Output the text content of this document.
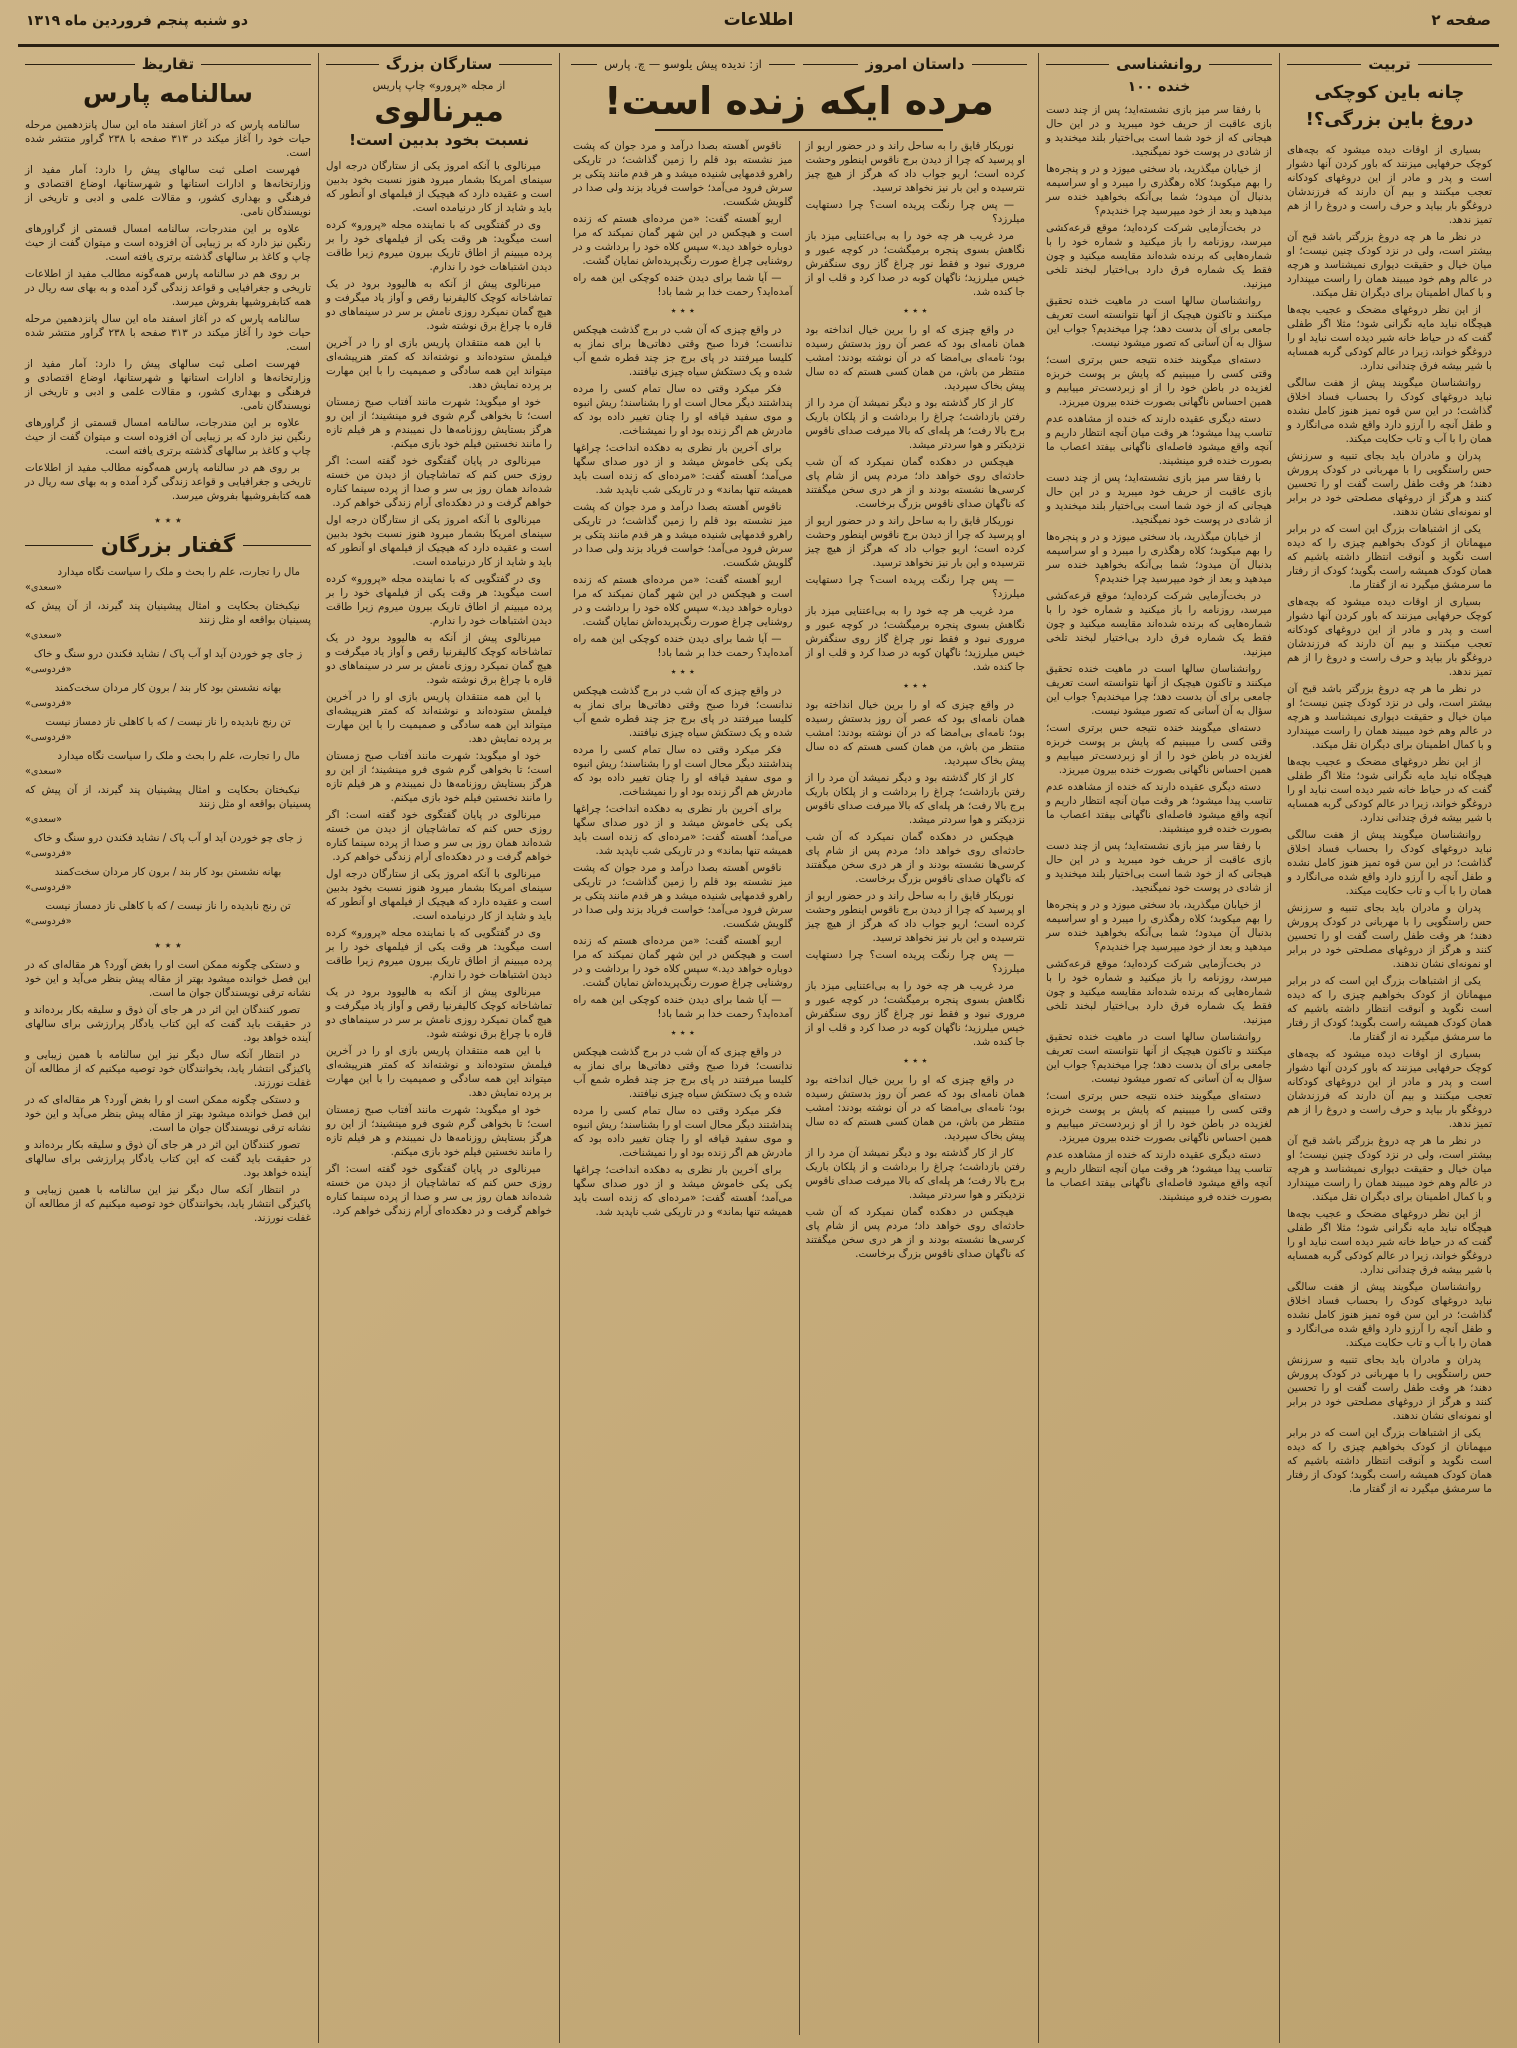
صفحه ۲
اطلاعات
دو شنبه پنجم فروردین ماه ۱۳۱۹
تربیت
چانه باین کوچکی
دروغ باین بزرگی؟!

بسیاری از اوقات دیده میشود که بچه‌های کوچک حرفهایی میزنند که باور کردن آنها دشوار است و پدر و مادر از این دروغهای کودکانه تعجب میکنند و بیم آن دارند که فرزندشان دروغگو بار بیاید و حرف راست و دروغ را از هم تمیز ندهد.

در نظر ما هر چه دروغ بزرگتر باشد قبح آن بیشتر است، ولی در نزد کودک چنین نیست؛ او میان خیال و حقیقت دیواری نمیشناسد و هرچه در عالم وهم خود میبیند همان را راست میپندارد و با کمال اطمینان برای دیگران نقل میکند.

از این نظر دروغهای مضحک و عجیب بچه‌ها هیچگاه نباید مایه نگرانی شود؛ مثلا اگر طفلی گفت که در حیاط خانه شیر دیده است نباید او را دروغگو خواند، زیرا در عالم کودکی گربه همسایه با شیر بیشه فرق چندانی ندارد.

روانشناسان میگویند پیش از هفت سالگی نباید دروغهای کودک را بحساب فساد اخلاق گذاشت؛ در این سن قوه تمیز هنوز کامل نشده و طفل آنچه را آرزو دارد واقع شده می‌انگارد و همان را با آب و تاب حکایت میکند.

پدران و مادران باید بجای تنبیه و سرزنش حس راستگویی را با مهربانی در کودک پرورش دهند؛ هر وقت طفل راست گفت او را تحسین کنند و هرگز از دروغهای مصلحتی خود در برابر او نمونه‌ای نشان ندهند.

یکی از اشتباهات بزرگ این است که در برابر میهمانان از کودک بخواهیم چیزی را که دیده است نگوید و آنوقت انتظار داشته باشیم که همان کودک همیشه راست بگوید؛ کودک از رفتار ما سرمشق میگیرد نه از گفتار ما.

بسیاری از اوقات دیده میشود که بچه‌های کوچک حرفهایی میزنند که باور کردن آنها دشوار است و پدر و مادر از این دروغهای کودکانه تعجب میکنند و بیم آن دارند که فرزندشان دروغگو بار بیاید و حرف راست و دروغ را از هم تمیز ندهد.

در نظر ما هر چه دروغ بزرگتر باشد قبح آن بیشتر است، ولی در نزد کودک چنین نیست؛ او میان خیال و حقیقت دیواری نمیشناسد و هرچه در عالم وهم خود میبیند همان را راست میپندارد و با کمال اطمینان برای دیگران نقل میکند.

از این نظر دروغهای مضحک و عجیب بچه‌ها هیچگاه نباید مایه نگرانی شود؛ مثلا اگر طفلی گفت که در حیاط خانه شیر دیده است نباید او را دروغگو خواند، زیرا در عالم کودکی گربه همسایه با شیر بیشه فرق چندانی ندارد.

روانشناسان میگویند پیش از هفت سالگی نباید دروغهای کودک را بحساب فساد اخلاق گذاشت؛ در این سن قوه تمیز هنوز کامل نشده و طفل آنچه را آرزو دارد واقع شده می‌انگارد و همان را با آب و تاب حکایت میکند.

پدران و مادران باید بجای تنبیه و سرزنش حس راستگویی را با مهربانی در کودک پرورش دهند؛ هر وقت طفل راست گفت او را تحسین کنند و هرگز از دروغهای مصلحتی خود در برابر او نمونه‌ای نشان ندهند.

یکی از اشتباهات بزرگ این است که در برابر میهمانان از کودک بخواهیم چیزی را که دیده است نگوید و آنوقت انتظار داشته باشیم که همان کودک همیشه راست بگوید؛ کودک از رفتار ما سرمشق میگیرد نه از گفتار ما.

بسیاری از اوقات دیده میشود که بچه‌های کوچک حرفهایی میزنند که باور کردن آنها دشوار است و پدر و مادر از این دروغهای کودکانه تعجب میکنند و بیم آن دارند که فرزندشان دروغگو بار بیاید و حرف راست و دروغ را از هم تمیز ندهد.

در نظر ما هر چه دروغ بزرگتر باشد قبح آن بیشتر است، ولی در نزد کودک چنین نیست؛ او میان خیال و حقیقت دیواری نمیشناسد و هرچه در عالم وهم خود میبیند همان را راست میپندارد و با کمال اطمینان برای دیگران نقل میکند.

از این نظر دروغهای مضحک و عجیب بچه‌ها هیچگاه نباید مایه نگرانی شود؛ مثلا اگر طفلی گفت که در حیاط خانه شیر دیده است نباید او را دروغگو خواند، زیرا در عالم کودکی گربه همسایه با شیر بیشه فرق چندانی ندارد.

روانشناسان میگویند پیش از هفت سالگی نباید دروغهای کودک را بحساب فساد اخلاق گذاشت؛ در این سن قوه تمیز هنوز کامل نشده و طفل آنچه را آرزو دارد واقع شده می‌انگارد و همان را با آب و تاب حکایت میکند.

پدران و مادران باید بجای تنبیه و سرزنش حس راستگویی را با مهربانی در کودک پرورش دهند؛ هر وقت طفل راست گفت او را تحسین کنند و هرگز از دروغهای مصلحتی خود در برابر او نمونه‌ای نشان ندهند.

یکی از اشتباهات بزرگ این است که در برابر میهمانان از کودک بخواهیم چیزی را که دیده است نگوید و آنوقت انتظار داشته باشیم که همان کودک همیشه راست بگوید؛ کودک از رفتار ما سرمشق میگیرد نه از گفتار ما.

روانشناسی
خنده ۱۰۰

با رفقا سر میز بازی نشسته‌اید؛ پس از چند دست بازی عاقبت از حریف خود میبرید و در این حال هیجانی که از خود شما است بی‌اختیار بلند میخندید و از شادی در پوست خود نمیگنجید.

از خیابان میگذرید، باد سختی میوزد و در و پنجره‌ها را بهم میکوبد؛ کلاه رهگذری را میبرد و او سراسیمه بدنبال آن میدود؛ شما بی‌آنکه بخواهید خنده سر میدهید و بعد از خود میپرسید چرا خندیدم؟

در بخت‌آزمایی شرکت کرده‌اید؛ موقع قرعه‌کشی میرسد، روزنامه را باز میکنید و شماره خود را با شماره‌هایی که برنده شده‌اند مقایسه میکنید و چون فقط یک شماره فرق دارد بی‌اختیار لبخند تلخی میزنید.

روانشناسان سالها است در ماهیت خنده تحقیق میکنند و تاکنون هیچیک از آنها نتوانسته است تعریف جامعی برای آن بدست دهد؛ چرا میخندیم؟ جواب این سؤال به آن آسانی که تصور میشود نیست.

دسته‌ای میگویند خنده نتیجه حس برتری است؛ وقتی کسی را میبینیم که پایش بر پوست خربزه لغزیده در باطن خود را از او زبردست‌تر مییابیم و همین احساس ناگهانی بصورت خنده بیرون میریزد.

دسته دیگری عقیده دارند که خنده از مشاهده عدم تناسب پیدا میشود؛ هر وقت میان آنچه انتظار داریم و آنچه واقع میشود فاصله‌ای ناگهانی بیفتد اعصاب ما بصورت خنده فرو مینشیند.

با رفقا سر میز بازی نشسته‌اید؛ پس از چند دست بازی عاقبت از حریف خود میبرید و در این حال هیجانی که از خود شما است بی‌اختیار بلند میخندید و از شادی در پوست خود نمیگنجید.

از خیابان میگذرید، باد سختی میوزد و در و پنجره‌ها را بهم میکوبد؛ کلاه رهگذری را میبرد و او سراسیمه بدنبال آن میدود؛ شما بی‌آنکه بخواهید خنده سر میدهید و بعد از خود میپرسید چرا خندیدم؟

در بخت‌آزمایی شرکت کرده‌اید؛ موقع قرعه‌کشی میرسد، روزنامه را باز میکنید و شماره خود را با شماره‌هایی که برنده شده‌اند مقایسه میکنید و چون فقط یک شماره فرق دارد بی‌اختیار لبخند تلخی میزنید.

روانشناسان سالها است در ماهیت خنده تحقیق میکنند و تاکنون هیچیک از آنها نتوانسته است تعریف جامعی برای آن بدست دهد؛ چرا میخندیم؟ جواب این سؤال به آن آسانی که تصور میشود نیست.

دسته‌ای میگویند خنده نتیجه حس برتری است؛ وقتی کسی را میبینیم که پایش بر پوست خربزه لغزیده در باطن خود را از او زبردست‌تر مییابیم و همین احساس ناگهانی بصورت خنده بیرون میریزد.

دسته دیگری عقیده دارند که خنده از مشاهده عدم تناسب پیدا میشود؛ هر وقت میان آنچه انتظار داریم و آنچه واقع میشود فاصله‌ای ناگهانی بیفتد اعصاب ما بصورت خنده فرو مینشیند.

با رفقا سر میز بازی نشسته‌اید؛ پس از چند دست بازی عاقبت از حریف خود میبرید و در این حال هیجانی که از خود شما است بی‌اختیار بلند میخندید و از شادی در پوست خود نمیگنجید.

از خیابان میگذرید، باد سختی میوزد و در و پنجره‌ها را بهم میکوبد؛ کلاه رهگذری را میبرد و او سراسیمه بدنبال آن میدود؛ شما بی‌آنکه بخواهید خنده سر میدهید و بعد از خود میپرسید چرا خندیدم؟

در بخت‌آزمایی شرکت کرده‌اید؛ موقع قرعه‌کشی میرسد، روزنامه را باز میکنید و شماره خود را با شماره‌هایی که برنده شده‌اند مقایسه میکنید و چون فقط یک شماره فرق دارد بی‌اختیار لبخند تلخی میزنید.

روانشناسان سالها است در ماهیت خنده تحقیق میکنند و تاکنون هیچیک از آنها نتوانسته است تعریف جامعی برای آن بدست دهد؛ چرا میخندیم؟ جواب این سؤال به آن آسانی که تصور میشود نیست.

دسته‌ای میگویند خنده نتیجه حس برتری است؛ وقتی کسی را میبینیم که پایش بر پوست خربزه لغزیده در باطن خود را از او زبردست‌تر مییابیم و همین احساس ناگهانی بصورت خنده بیرون میریزد.

دسته دیگری عقیده دارند که خنده از مشاهده عدم تناسب پیدا میشود؛ هر وقت میان آنچه انتظار داریم و آنچه واقع میشود فاصله‌ای ناگهانی بیفتد اعصاب ما بصورت خنده فرو مینشیند.

داستان امروز
از: ندیده پیش یلوسو — چ. پارس
مرده ایکه زنده است!

نوریکار قایق را به ساحل راند و در حضور اریو از او پرسید که چرا از دیدن برج ناقوس اینطور وحشت کرده است؛ اریو جواب داد که هرگز از هیچ چیز نترسیده و این بار نیز نخواهد ترسید.

— پس چرا رنگت پریده است؟ چرا دستهایت میلرزد؟

مرد غریب هر چه خود را به بی‌اعتنایی میزد باز نگاهش بسوی پنجره برمیگشت؛ در کوچه عبور و مروری نبود و فقط نور چراغ گاز روی سنگفرش خیس میلرزید؛ ناگهان کوبه در صدا کرد و قلب او از جا کنده شد.

٭ ٭ ٭

در واقع چیزی که او را برین خیال انداخته بود همان نامه‌ای بود که عصر آن روز بدستش رسیده بود؛ نامه‌ای بی‌امضا که در آن نوشته بودند: امشب منتظر من باش، من همان کسی هستم که ده سال پیش بخاک سپردید.

کار از کار گذشته بود و دیگر نمیشد آن مرد را از رفتن بازداشت؛ چراغ را برداشت و از پلکان باریک برج بالا رفت؛ هر پله‌ای که بالا میرفت صدای ناقوس نزدیکتر و هوا سردتر میشد.

هیچکس در دهکده گمان نمیکرد که آن شب حادثه‌ای روی خواهد داد؛ مردم پس از شام پای کرسی‌ها نشسته بودند و از هر دری سخن میگفتند که ناگهان صدای ناقوس بزرگ برخاست.

نوریکار قایق را به ساحل راند و در حضور اریو از او پرسید که چرا از دیدن برج ناقوس اینطور وحشت کرده است؛ اریو جواب داد که هرگز از هیچ چیز نترسیده و این بار نیز نخواهد ترسید.

— پس چرا رنگت پریده است؟ چرا دستهایت میلرزد؟

مرد غریب هر چه خود را به بی‌اعتنایی میزد باز نگاهش بسوی پنجره برمیگشت؛ در کوچه عبور و مروری نبود و فقط نور چراغ گاز روی سنگفرش خیس میلرزید؛ ناگهان کوبه در صدا کرد و قلب او از جا کنده شد.

٭ ٭ ٭

در واقع چیزی که او را برین خیال انداخته بود همان نامه‌ای بود که عصر آن روز بدستش رسیده بود؛ نامه‌ای بی‌امضا که در آن نوشته بودند: امشب منتظر من باش، من همان کسی هستم که ده سال پیش بخاک سپردید.

کار از کار گذشته بود و دیگر نمیشد آن مرد را از رفتن بازداشت؛ چراغ را برداشت و از پلکان باریک برج بالا رفت؛ هر پله‌ای که بالا میرفت صدای ناقوس نزدیکتر و هوا سردتر میشد.

هیچکس در دهکده گمان نمیکرد که آن شب حادثه‌ای روی خواهد داد؛ مردم پس از شام پای کرسی‌ها نشسته بودند و از هر دری سخن میگفتند که ناگهان صدای ناقوس بزرگ برخاست.

نوریکار قایق را به ساحل راند و در حضور اریو از او پرسید که چرا از دیدن برج ناقوس اینطور وحشت کرده است؛ اریو جواب داد که هرگز از هیچ چیز نترسیده و این بار نیز نخواهد ترسید.

— پس چرا رنگت پریده است؟ چرا دستهایت میلرزد؟

مرد غریب هر چه خود را به بی‌اعتنایی میزد باز نگاهش بسوی پنجره برمیگشت؛ در کوچه عبور و مروری نبود و فقط نور چراغ گاز روی سنگفرش خیس میلرزید؛ ناگهان کوبه در صدا کرد و قلب او از جا کنده شد.

٭ ٭ ٭

در واقع چیزی که او را برین خیال انداخته بود همان نامه‌ای بود که عصر آن روز بدستش رسیده بود؛ نامه‌ای بی‌امضا که در آن نوشته بودند: امشب منتظر من باش، من همان کسی هستم که ده سال پیش بخاک سپردید.

کار از کار گذشته بود و دیگر نمیشد آن مرد را از رفتن بازداشت؛ چراغ را برداشت و از پلکان باریک برج بالا رفت؛ هر پله‌ای که بالا میرفت صدای ناقوس نزدیکتر و هوا سردتر میشد.

هیچکس در دهکده گمان نمیکرد که آن شب حادثه‌ای روی خواهد داد؛ مردم پس از شام پای کرسی‌ها نشسته بودند و از هر دری سخن میگفتند که ناگهان صدای ناقوس بزرگ برخاست.

ناقوس آهسته بصدا درآمد و مرد جوان که پشت میز نشسته بود قلم را زمین گذاشت؛ در تاریکی راهرو قدمهایی شنیده میشد و هر قدم مانند پتکی بر سرش فرود می‌آمد؛ خواست فریاد بزند ولی صدا در گلویش شکست.

اریو آهسته گفت: «من مرده‌ای هستم که زنده است و هیچکس در این شهر گمان نمیکند که مرا دوباره خواهد دید.» سپس کلاه خود را برداشت و در روشنایی چراغ صورت رنگ‌پریده‌اش نمایان گشت.

— آیا شما برای دیدن خنده کوچکی این همه راه آمده‌اید؟ رحمت خدا بر شما باد!

٭ ٭ ٭

در واقع چیزی که آن شب در برج گذشت هیچکس ندانست؛ فردا صبح وقتی دهاتی‌ها برای نماز به کلیسا میرفتند در پای برج جز چند قطره شمع آب شده و یک دستکش سیاه چیزی نیافتند.

فکر میکرد وقتی ده سال تمام کسی را مرده پنداشتند دیگر محال است او را بشناسند؛ ریش انبوه و موی سفید قیافه او را چنان تغییر داده بود که مادرش هم اگر زنده بود او را نمیشناخت.

برای آخرین بار نظری به دهکده انداخت؛ چراغها یکی یکی خاموش میشد و از دور صدای سگها می‌آمد؛ آهسته گفت: «مرده‌ای که زنده است باید همیشه تنها بماند» و در تاریکی شب ناپدید شد.

ناقوس آهسته بصدا درآمد و مرد جوان که پشت میز نشسته بود قلم را زمین گذاشت؛ در تاریکی راهرو قدمهایی شنیده میشد و هر قدم مانند پتکی بر سرش فرود می‌آمد؛ خواست فریاد بزند ولی صدا در گلویش شکست.

اریو آهسته گفت: «من مرده‌ای هستم که زنده است و هیچکس در این شهر گمان نمیکند که مرا دوباره خواهد دید.» سپس کلاه خود را برداشت و در روشنایی چراغ صورت رنگ‌پریده‌اش نمایان گشت.

— آیا شما برای دیدن خنده کوچکی این همه راه آمده‌اید؟ رحمت خدا بر شما باد!

٭ ٭ ٭

در واقع چیزی که آن شب در برج گذشت هیچکس ندانست؛ فردا صبح وقتی دهاتی‌ها برای نماز به کلیسا میرفتند در پای برج جز چند قطره شمع آب شده و یک دستکش سیاه چیزی نیافتند.

فکر میکرد وقتی ده سال تمام کسی را مرده پنداشتند دیگر محال است او را بشناسند؛ ریش انبوه و موی سفید قیافه او را چنان تغییر داده بود که مادرش هم اگر زنده بود او را نمیشناخت.

برای آخرین بار نظری به دهکده انداخت؛ چراغها یکی یکی خاموش میشد و از دور صدای سگها می‌آمد؛ آهسته گفت: «مرده‌ای که زنده است باید همیشه تنها بماند» و در تاریکی شب ناپدید شد.

ناقوس آهسته بصدا درآمد و مرد جوان که پشت میز نشسته بود قلم را زمین گذاشت؛ در تاریکی راهرو قدمهایی شنیده میشد و هر قدم مانند پتکی بر سرش فرود می‌آمد؛ خواست فریاد بزند ولی صدا در گلویش شکست.

اریو آهسته گفت: «من مرده‌ای هستم که زنده است و هیچکس در این شهر گمان نمیکند که مرا دوباره خواهد دید.» سپس کلاه خود را برداشت و در روشنایی چراغ صورت رنگ‌پریده‌اش نمایان گشت.

— آیا شما برای دیدن خنده کوچکی این همه راه آمده‌اید؟ رحمت خدا بر شما باد!

٭ ٭ ٭

در واقع چیزی که آن شب در برج گذشت هیچکس ندانست؛ فردا صبح وقتی دهاتی‌ها برای نماز به کلیسا میرفتند در پای برج جز چند قطره شمع آب شده و یک دستکش سیاه چیزی نیافتند.

فکر میکرد وقتی ده سال تمام کسی را مرده پنداشتند دیگر محال است او را بشناسند؛ ریش انبوه و موی سفید قیافه او را چنان تغییر داده بود که مادرش هم اگر زنده بود او را نمیشناخت.

برای آخرین بار نظری به دهکده انداخت؛ چراغها یکی یکی خاموش میشد و از دور صدای سگها می‌آمد؛ آهسته گفت: «مرده‌ای که زنده است باید همیشه تنها بماند» و در تاریکی شب ناپدید شد.

ستارگان بزرگ
از مجله «پرورو» چاپ پاریس
میرنالوی
نسبت بخود بدبین است!

میرنالوی با آنکه امروز یکی از ستارگان درجه اول سینمای امریکا بشمار میرود هنوز نسبت بخود بدبین است و عقیده دارد که هیچیک از فیلمهای او آنطور که باید و شاید از کار درنیامده است.

وی در گفتگویی که با نماینده مجله «پرورو» کرده است میگوید: هر وقت یکی از فیلمهای خود را بر پرده میبینم از اطاق تاریک بیرون میروم زیرا طاقت دیدن اشتباهات خود را ندارم.

میرنالوی پیش از آنکه به هالیوود برود در یک تماشاخانه کوچک کالیفرنیا رقص و آواز یاد میگرفت و هیچ گمان نمیکرد روزی نامش بر سر در سینماهای دو قاره با چراغ برق نوشته شود.

با این همه منتقدان پاریس بازی او را در آخرین فیلمش ستوده‌اند و نوشته‌اند که کمتر هنرپیشه‌ای میتواند این همه سادگی و صمیمیت را با این مهارت بر پرده نمایش دهد.

خود او میگوید: شهرت مانند آفتاب صبح زمستان است؛ تا بخواهی گرم شوی فرو مینشیند؛ از این رو هرگز بستایش روزنامه‌ها دل نمیبندم و هر فیلم تازه را مانند نخستین فیلم خود بازی میکنم.

میرنالوی در پایان گفتگوی خود گفته است: اگر روزی حس کنم که تماشاچیان از دیدن من خسته شده‌اند همان روز بی سر و صدا از پرده سینما کناره خواهم گرفت و در دهکده‌ای آرام زندگی خواهم کرد.

میرنالوی با آنکه امروز یکی از ستارگان درجه اول سینمای امریکا بشمار میرود هنوز نسبت بخود بدبین است و عقیده دارد که هیچیک از فیلمهای او آنطور که باید و شاید از کار درنیامده است.

وی در گفتگویی که با نماینده مجله «پرورو» کرده است میگوید: هر وقت یکی از فیلمهای خود را بر پرده میبینم از اطاق تاریک بیرون میروم زیرا طاقت دیدن اشتباهات خود را ندارم.

میرنالوی پیش از آنکه به هالیوود برود در یک تماشاخانه کوچک کالیفرنیا رقص و آواز یاد میگرفت و هیچ گمان نمیکرد روزی نامش بر سر در سینماهای دو قاره با چراغ برق نوشته شود.

با این همه منتقدان پاریس بازی او را در آخرین فیلمش ستوده‌اند و نوشته‌اند که کمتر هنرپیشه‌ای میتواند این همه سادگی و صمیمیت را با این مهارت بر پرده نمایش دهد.

خود او میگوید: شهرت مانند آفتاب صبح زمستان است؛ تا بخواهی گرم شوی فرو مینشیند؛ از این رو هرگز بستایش روزنامه‌ها دل نمیبندم و هر فیلم تازه را مانند نخستین فیلم خود بازی میکنم.

میرنالوی در پایان گفتگوی خود گفته است: اگر روزی حس کنم که تماشاچیان از دیدن من خسته شده‌اند همان روز بی سر و صدا از پرده سینما کناره خواهم گرفت و در دهکده‌ای آرام زندگی خواهم کرد.

میرنالوی با آنکه امروز یکی از ستارگان درجه اول سینمای امریکا بشمار میرود هنوز نسبت بخود بدبین است و عقیده دارد که هیچیک از فیلمهای او آنطور که باید و شاید از کار درنیامده است.

وی در گفتگویی که با نماینده مجله «پرورو» کرده است میگوید: هر وقت یکی از فیلمهای خود را بر پرده میبینم از اطاق تاریک بیرون میروم زیرا طاقت دیدن اشتباهات خود را ندارم.

میرنالوی پیش از آنکه به هالیوود برود در یک تماشاخانه کوچک کالیفرنیا رقص و آواز یاد میگرفت و هیچ گمان نمیکرد روزی نامش بر سر در سینماهای دو قاره با چراغ برق نوشته شود.

با این همه منتقدان پاریس بازی او را در آخرین فیلمش ستوده‌اند و نوشته‌اند که کمتر هنرپیشه‌ای میتواند این همه سادگی و صمیمیت را با این مهارت بر پرده نمایش دهد.

خود او میگوید: شهرت مانند آفتاب صبح زمستان است؛ تا بخواهی گرم شوی فرو مینشیند؛ از این رو هرگز بستایش روزنامه‌ها دل نمیبندم و هر فیلم تازه را مانند نخستین فیلم خود بازی میکنم.

میرنالوی در پایان گفتگوی خود گفته است: اگر روزی حس کنم که تماشاچیان از دیدن من خسته شده‌اند همان روز بی سر و صدا از پرده سینما کناره خواهم گرفت و در دهکده‌ای آرام زندگی خواهم کرد.

تقاریظ
سالنامه پارس

سالنامه پارس که در آغاز اسفند ماه این سال پانزدهمین مرحله حیات خود را آغاز میکند در ۳۱۳ صفحه با ۲۳۸ گراور منتشر شده است.

فهرست اصلی ثبت سالهای پیش را دارد: آمار مفید از وزارتخانه‌ها و ادارات استانها و شهرستانها، اوضاع اقتصادی و فرهنگی و بهداری کشور، و مقالات علمی و ادبی و تاریخی از نویسندگان نامی.

علاوه بر این مندرجات، سالنامه امسال قسمتی از گراورهای رنگین نیز دارد که بر زیبایی آن افزوده است و میتوان گفت از حیث چاپ و کاغذ بر سالهای گذشته برتری یافته است.

بر روی هم در سالنامه پارس همه‌گونه مطالب مفید از اطلاعات تاریخی و جغرافیایی و قواعد زندگی گرد آمده و به بهای سه ریال در همه کتابفروشیها بفروش میرسد.

سالنامه پارس که در آغاز اسفند ماه این سال پانزدهمین مرحله حیات خود را آغاز میکند در ۳۱۳ صفحه با ۲۳۸ گراور منتشر شده است.

فهرست اصلی ثبت سالهای پیش را دارد: آمار مفید از وزارتخانه‌ها و ادارات استانها و شهرستانها، اوضاع اقتصادی و فرهنگی و بهداری کشور، و مقالات علمی و ادبی و تاریخی از نویسندگان نامی.

علاوه بر این مندرجات، سالنامه امسال قسمتی از گراورهای رنگین نیز دارد که بر زیبایی آن افزوده است و میتوان گفت از حیث چاپ و کاغذ بر سالهای گذشته برتری یافته است.

بر روی هم در سالنامه پارس همه‌گونه مطالب مفید از اطلاعات تاریخی و جغرافیایی و قواعد زندگی گرد آمده و به بهای سه ریال در همه کتابفروشیها بفروش میرسد.

٭ ٭ ٭
گفتار بزرگان

مال را تجارت، علم را بحث و ملک را سیاست نگاه میدارد

«سعدی»

نیکبختان بحکایت و امثال پیشینیان پند گیرند، از آن پیش که پسینیان بواقعه او مثل زنند

«سعدی»

ز جای چو خوردن آید او آب پاک / نشاید فکندن درو سنگ و خاک

«فردوسی»

بهانه نشستن بود کار بند / برون کار مردان سخت‌کمند

«فردوسی»

تن رنج نابدیده را ناز نیست / که با کاهلی ناز دمساز نیست

«فردوسی»

مال را تجارت، علم را بحث و ملک را سیاست نگاه میدارد

«سعدی»

نیکبختان بحکایت و امثال پیشینیان پند گیرند، از آن پیش که پسینیان بواقعه او مثل زنند

«سعدی»

ز جای چو خوردن آید او آب پاک / نشاید فکندن درو سنگ و خاک

«فردوسی»

بهانه نشستن بود کار بند / برون کار مردان سخت‌کمند

«فردوسی»

تن رنج نابدیده را ناز نیست / که با کاهلی ناز دمساز نیست

«فردوسی»

٭ ٭ ٭

و دستکی چگونه ممکن است او را بغض آورد؟ هر مقاله‌ای که در این فصل خوانده میشود بهتر از مقاله پیش بنظر می‌آید و این خود نشانه ترقی نویسندگان جوان ما است.

تصور کنندگان این اثر در هر جای آن ذوق و سلیقه بکار برده‌اند و در حقیقت باید گفت که این کتاب یادگار پرارزشی برای سالهای آینده خواهد بود.

در انتظار آنکه سال دیگر نیز این سالنامه با همین زیبایی و پاکیزگی انتشار یابد، بخوانندگان خود توصیه میکنیم که از مطالعه آن غفلت نورزند.

و دستکی چگونه ممکن است او را بغض آورد؟ هر مقاله‌ای که در این فصل خوانده میشود بهتر از مقاله پیش بنظر می‌آید و این خود نشانه ترقی نویسندگان جوان ما است.

تصور کنندگان این اثر در هر جای آن ذوق و سلیقه بکار برده‌اند و در حقیقت باید گفت که این کتاب یادگار پرارزشی برای سالهای آینده خواهد بود.

در انتظار آنکه سال دیگر نیز این سالنامه با همین زیبایی و پاکیزگی انتشار یابد، بخوانندگان خود توصیه میکنیم که از مطالعه آن غفلت نورزند.
